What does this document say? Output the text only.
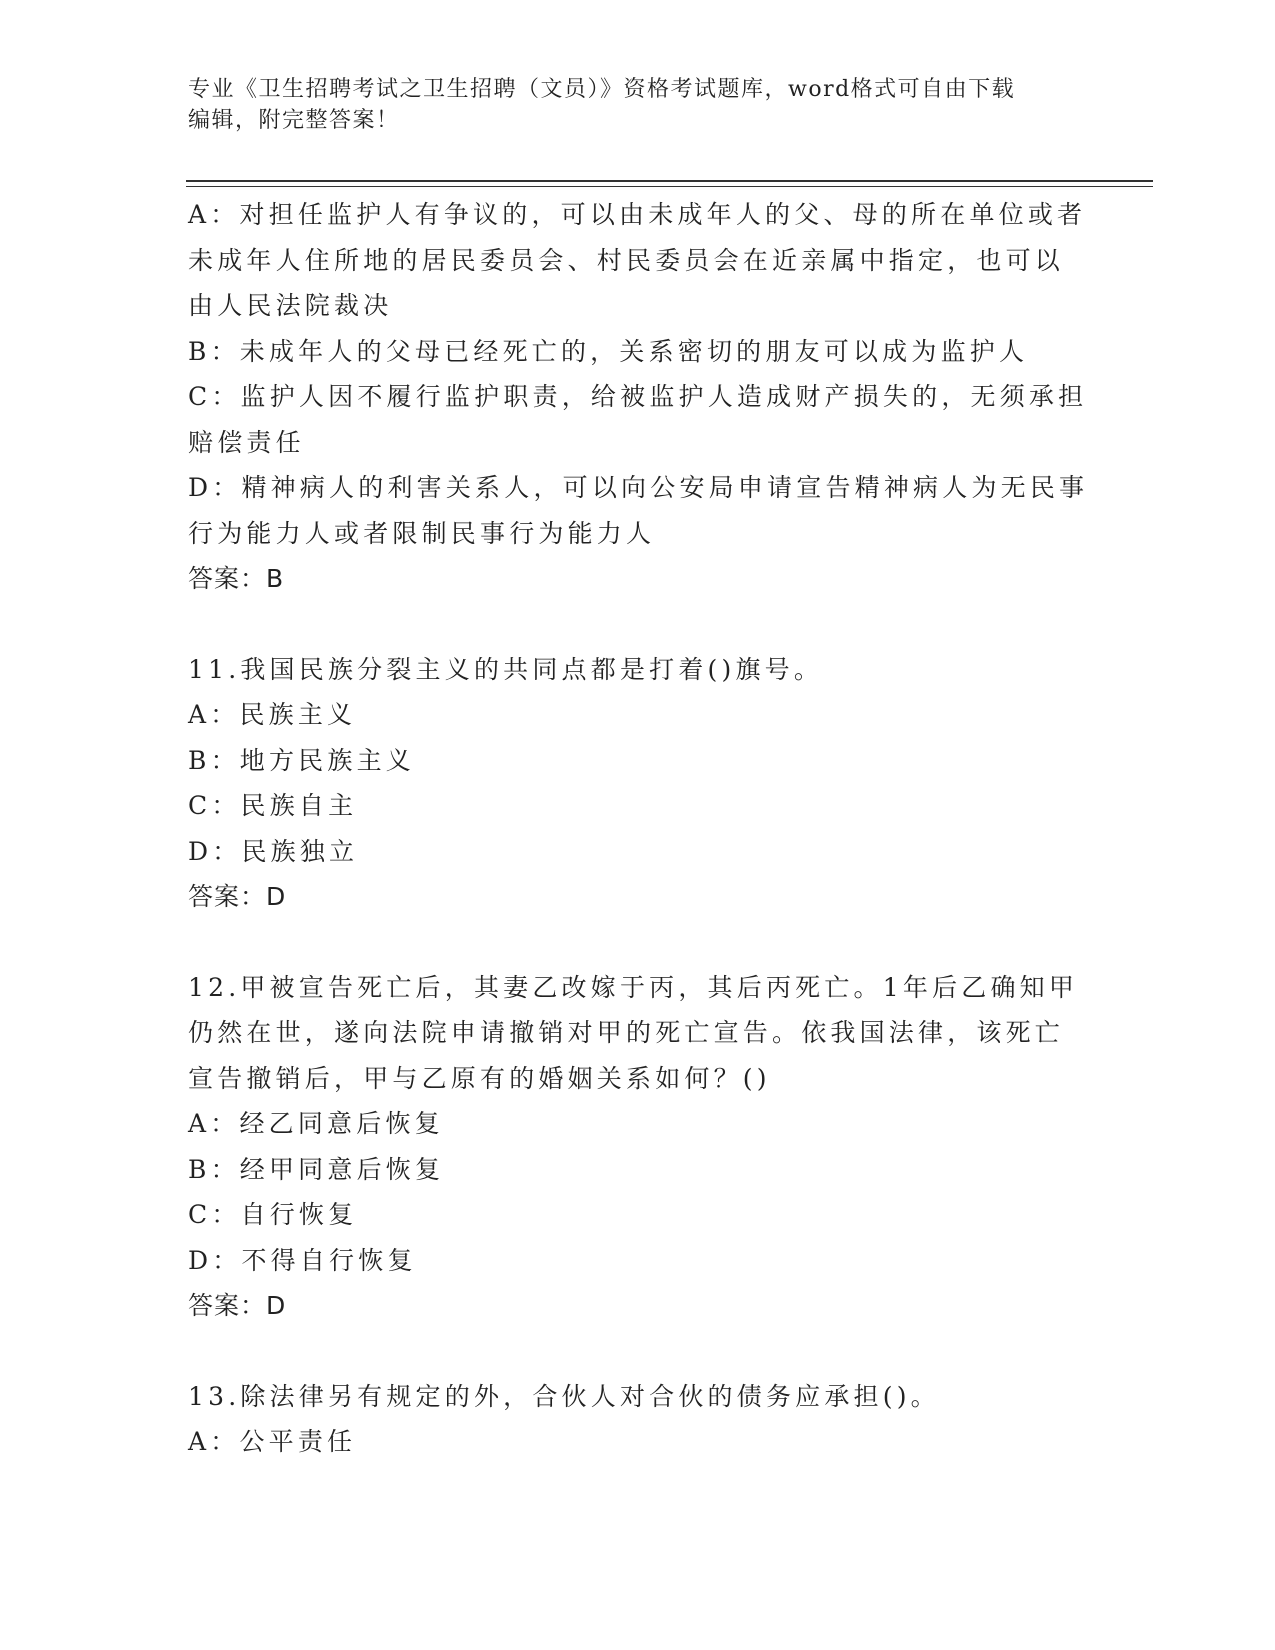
专业《卫生招聘考试之卫生招聘（文员）》资格考试题库，word格式可自由下载
编辑，附完整答案！
A：对担任监护人有争议的，可以由未成年人的父、母的所在单位或者
未成年人住所地的居民委员会、村民委员会在近亲属中指定，也可以
由人民法院裁决
B：未成年人的父母已经死亡的，关系密切的朋友可以成为监护人
C：监护人因不履行监护职责，给被监护人造成财产损失的，无须承担
赔偿责任
D：精神病人的利害关系人，可以向公安局申请宣告精神病人为无民事
行为能力人或者限制民事行为能力人
答案：B
11.我国民族分裂主义的共同点都是打着()旗号。
A：民族主义
B：地方民族主义
C：民族自主
D：民族独立
答案：D
12.甲被宣告死亡后，其妻乙改嫁于丙，其后丙死亡。1年后乙确知甲
仍然在世，遂向法院申请撤销对甲的死亡宣告。依我国法律，该死亡
宣告撤销后，甲与乙原有的婚姻关系如何？()
A：经乙同意后恢复
B：经甲同意后恢复
C：自行恢复
D：不得自行恢复
答案：D
13.除法律另有规定的外，合伙人对合伙的债务应承担()。
A：公平责任
